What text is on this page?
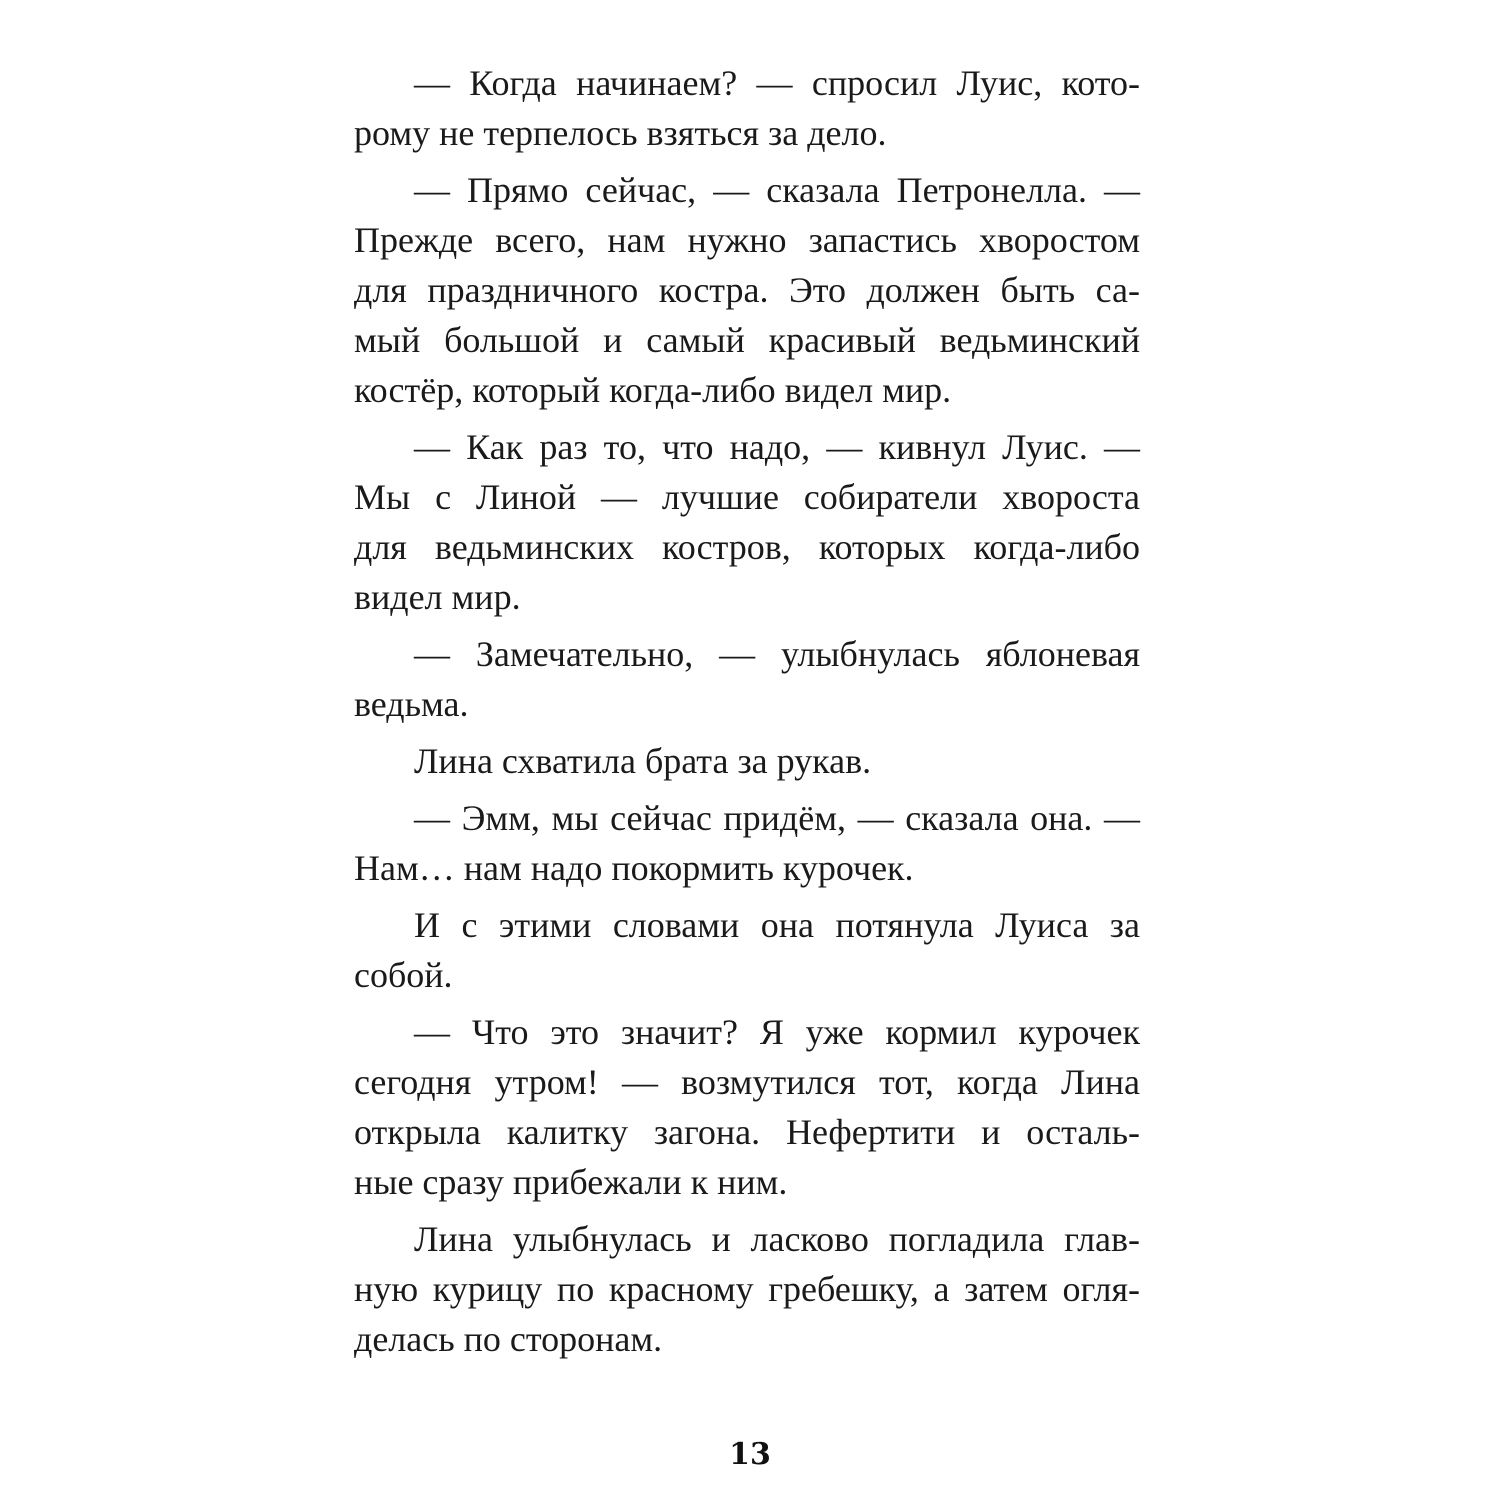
— Когда начинаем? — спросил Луис, кото-
рому не терпелось взяться за дело.
— Прямо сейчас, — сказала Петронелла. —
Прежде всего, нам нужно запастись хворостом
для праздничного костра. Это должен быть са-
мый большой и самый красивый ведьминский
костёр, который когда-либо видел мир.
— Как раз то, что надо, — кивнул Луис. —
Мы с Линой — лучшие собиратели хвороста
для ведьминских костров, которых когда-либо
видел мир.
— Замечательно, — улыбнулась яблоневая
ведьма.
Лина схватила брата за рукав.
— Эмм, мы сейчас придём, — сказала она. —
Нам… нам надо покормить курочек.
И с этими словами она потянула Луиса за
собой.
— Что это значит? Я уже кормил курочек
сегодня утром! — возмутился тот, когда Лина
открыла калитку загона. Нефертити и осталь-
ные сразу прибежали к ним.
Лина улыбнулась и ласково погладила глав-
ную курицу по красному гребешку, а затем огля-
делась по сторонам.
13
